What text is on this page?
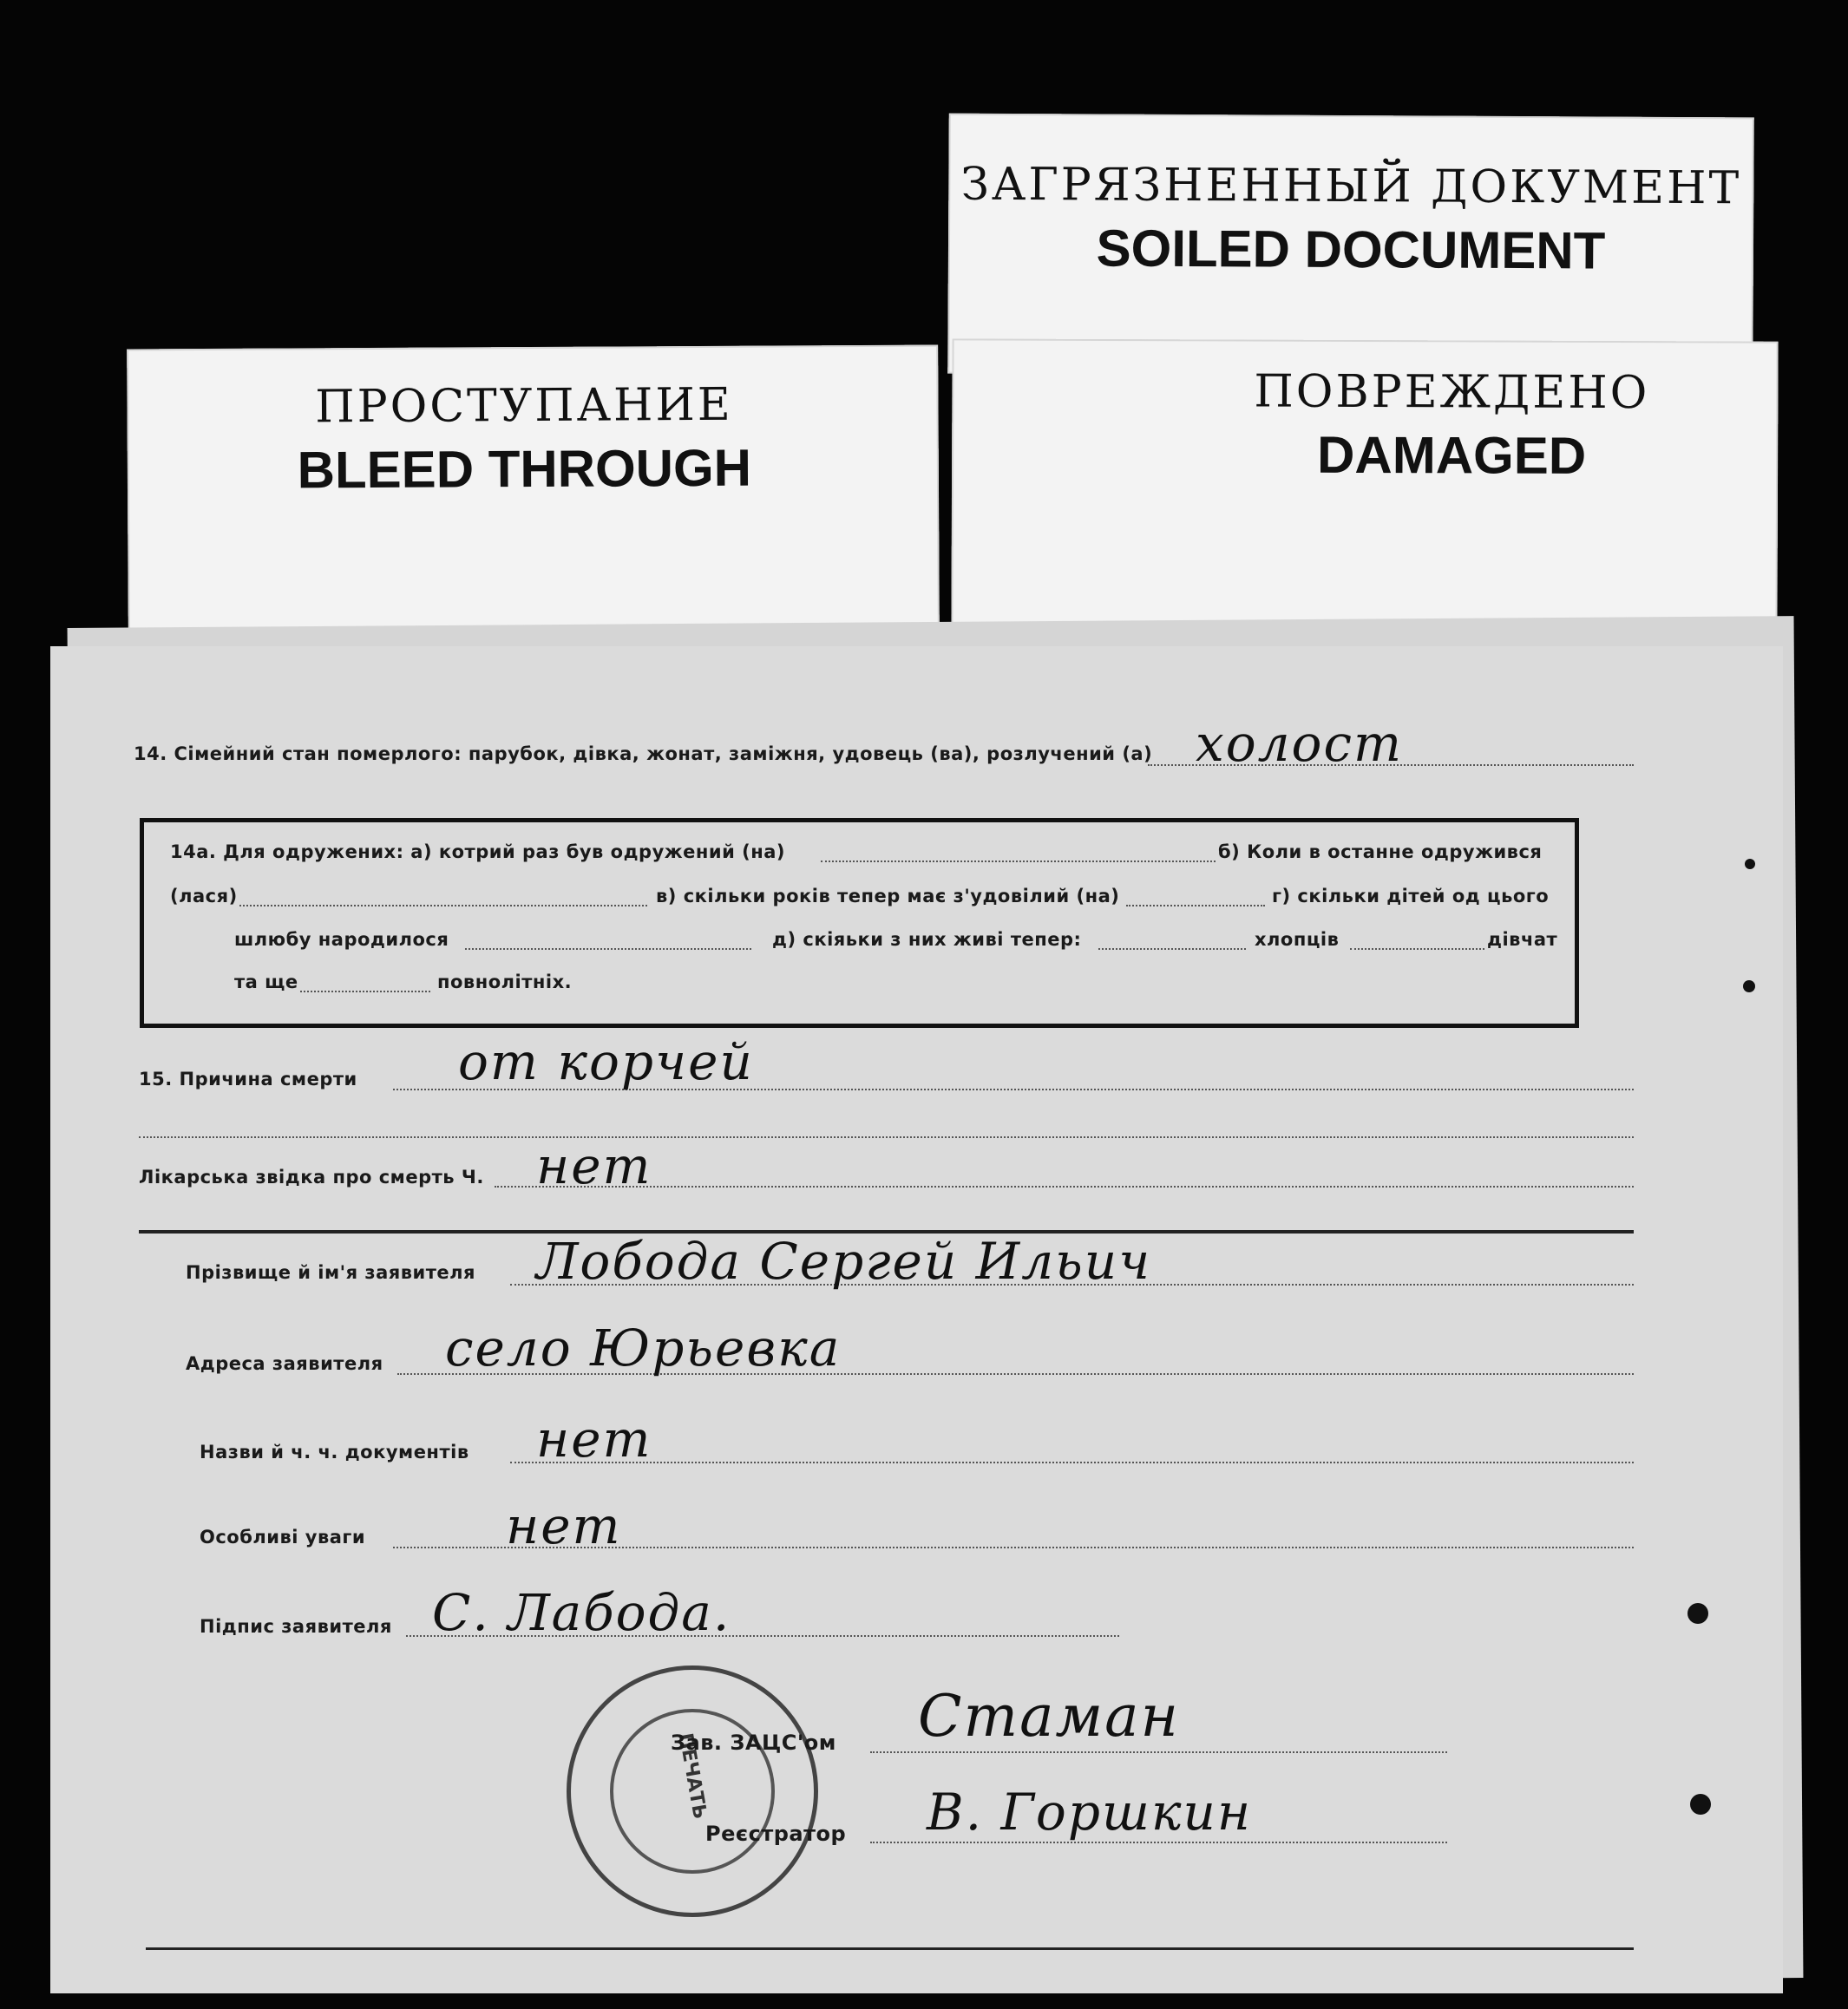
ЗАГРЯЗНЕННЫЙ ДОКУМЕНТ
SOILED DOCUMENT
ПОВРЕЖДЕНО
DAMAGED
ПРОСТУПАНИЕ
BLEED THROUGH
14. Сімейний стан померлого: парубок, дівка, жонат, заміжня, удовець (ва), розлучений (а) холост
14а. Для одружених: а) котрий раз був одружений (на)	б) Коли в останне одружився
(лася)	в) скільки років тепер має з'удовілий (на)	г) скільки дітей од цього
шлюбу народилося	д) скіяьки з них живі тепер:	хлопців	дівчат
та ще	повнолітніх.
15. Причина смерти от корчей
Лікарська звідка про смерть Ч. нет
Прізвище й ім'я заявителя Лобода Сергей Ильич
Адреса заявителя село Юрьевка
Назви й ч. ч. документів нет
Особливі уваги	нет
Підпис заявителя С. Лабода.
ПЕЧАТЬ
Зав. ЗАЦС'ом Стаман
Реєстратор В. Горшкин
